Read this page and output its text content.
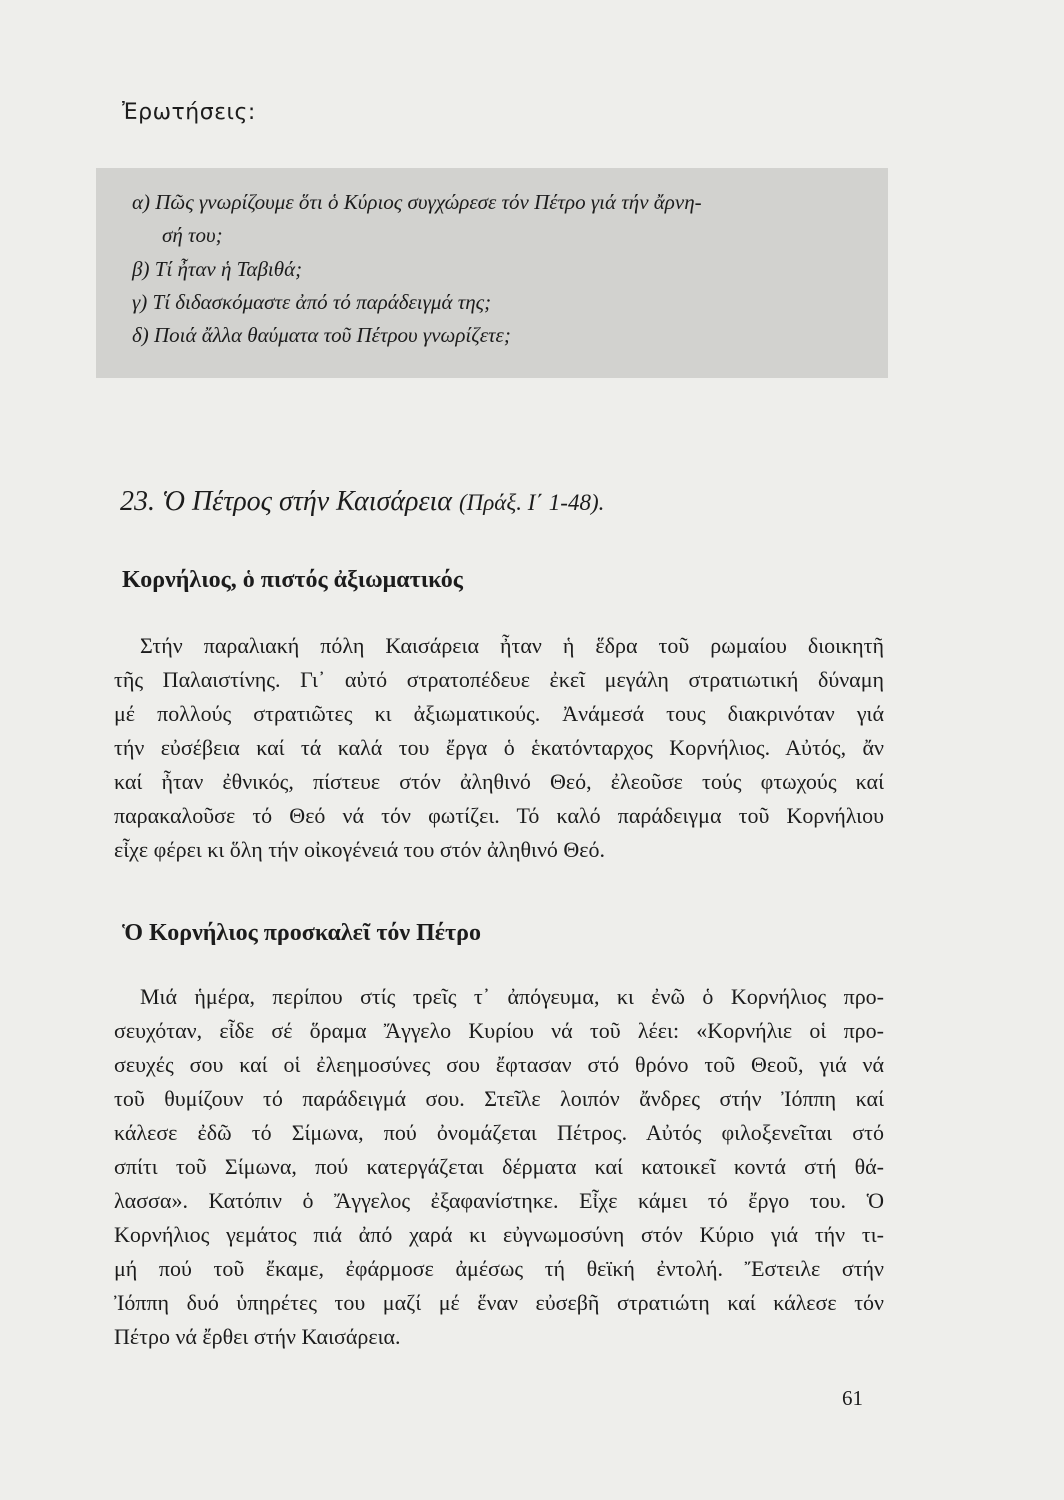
Ἐρωτήσεις:
α) Πῶς γνωρίζουμε ὅτι ὁ Κύριος συγχώρεσε τόν Πέτρο γιά τήν ἄρνη-
σή του;
β) Τί ἦταν ἡ Ταβιθά;
γ) Τί διδασκόμαστε ἀπό τό παράδειγμά της;
δ) Ποιά ἄλλα θαύματα τοῦ Πέτρου γνωρίζετε;
23. Ὁ Πέτρος στήν Καισάρεια (Πράξ. Ι΄ 1-48).
Κορνήλιος, ὁ πιστός ἀξιωματικός
Στήν παραλιακή πόλη Καισάρεια ἦταν ἡ ἕδρα τοῦ ρωμαίου διοικητῆ
τῆς Παλαιστίνης. Γι᾽ αὐτό στρατοπέδευε ἐκεῖ μεγάλη στρατιωτική δύναμη
μέ πολλούς στρατιῶτες κι ἀξιωματικούς. Ἀνάμεσά τους διακρινόταν γιά
τήν εὐσέβεια καί τά καλά του ἔργα ὁ ἑκατόνταρχος Κορνήλιος. Αὐτός, ἄν
καί ἦταν ἐθνικός, πίστευε στόν ἀληθινό Θεό, ἐλεοῦσε τούς φτωχούς καί
παρακαλοῦσε τό Θεό νά τόν φωτίζει. Τό καλό παράδειγμα τοῦ Κορνήλιου
εἶχε φέρει κι ὅλη τήν οἰκογένειά του στόν ἀληθινό Θεό.
Ὁ Κορνήλιος προσκαλεῖ τόν Πέτρο
Μιά ἡμέρα, περίπου στίς τρεῖς τ᾽ ἀπόγευμα, κι ἐνῶ ὁ Κορνήλιος προ-
σευχόταν, εἶδε σέ ὅραμα Ἄγγελο Κυρίου νά τοῦ λέει: «Κορνήλιε οἱ προ-
σευχές σου καί οἱ ἐλεημοσύνες σου ἔφτασαν στό θρόνο τοῦ Θεοῦ, γιά νά
τοῦ θυμίζουν τό παράδειγμά σου. Στεῖλε λοιπόν ἄνδρες στήν Ἰόππη καί
κάλεσε ἐδῶ τό Σίμωνα, πού ὀνομάζεται Πέτρος. Αὐτός φιλοξενεῖται στό
σπίτι τοῦ Σίμωνα, πού κατεργάζεται δέρματα καί κατοικεῖ κοντά στή θά-
λασσα». Κατόπιν ὁ Ἄγγελος ἐξαφανίστηκε. Εἶχε κάμει τό ἔργο του. Ὁ
Κορνήλιος γεμάτος πιά ἀπό χαρά κι εὐγνωμοσύνη στόν Κύριο γιά τήν τι-
μή πού τοῦ ἔκαμε, ἐφάρμοσε ἀμέσως τή θεϊκή ἐντολή. Ἔστειλε στήν
Ἰόππη δυό ὑπηρέτες του μαζί μέ ἕναν εὐσεβῆ στρατιώτη καί κάλεσε τόν
Πέτρο νά ἔρθει στήν Καισάρεια.
61
